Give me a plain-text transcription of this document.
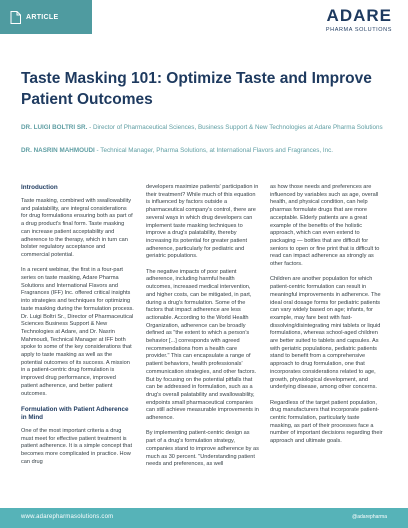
ARTICLE	ADARE
PHARMA SOLUTIONS
Taste Masking 101: Optimize Taste and Improve Patient Outcomes
DR. LUIGI BOLTRI SR. - Director of Pharmaceutical Sciences, Business Support & New Technologies at Adare Pharma Solutions
DR. NASRIN MAHMOUDI - Technical Manager, Pharma Solutions, at International Flavors and Fragrances, Inc.
Introduction

Taste masking, combined with swallowability and palatability, are integral considerations for drug formulations ensuring both as part of a drug product's final form. Taste masking can increase patient acceptability and adherence to the therapy, which in turn can bolster regulatory acceptance and commercial potential.

In a recent webinar, the first in a four-part series on taste masking, Adare Pharma Solutions and International Flavors and Fragrances (IFF) Inc. offered critical insights into strategies and techniques for optimizing taste masking during the formulation process. Dr. Luigi Boltri Sr., Director of Pharmaceutical Sciences Business Support & New Technologies at Adare, and Dr. Nasrin Mahmoudi, Technical Manager at IFF both spoke to some of the key considerations that apply to taste masking as well as the potential outcomes of its success. A mission in a patient-centric drug formulation is improved drug performance, improved patient adherence, and better patient outcomes.

Formulation with Patient Adherence in Mind

One of the most important criteria a drug must meet for effective patient treatment is patient adherence. It is a simple concept that becomes more complicated in practice. How can drug

developers maximize patients' participation in their treatment? While much of this equation is influenced by factors outside a pharmaceutical company's control, there are several ways in which drug developers can implement taste masking techniques to improve a drug's palatability, thereby increasing its potential for greater patient adherence, particularly for pediatric and geriatric populations.

The negative impacts of poor patient adherence, including harmful health outcomes, increased medical intervention, and higher costs, can be mitigated, in part, during a drug's formulation. Some of the factors that impact adherence are less actionable. According to the World Health Organization, adherence can be broadly defined as "the extent to which a person's behavior [...] corresponds with agreed recommendations from a health care provider." This can encapsulate a range of patient behaviors, health professionals' communication strategies, and other factors. But by focusing on the potential pitfalls that can be addressed in formulation, such as a drug's overall palatability and swallowability, endpoints small pharmaceutical companies can still achieve measurable improvements in adherence.

By implementing patient-centric design as part of a drug's formulation strategy, companies stand to improve adherence by as much as 30 percent. "Understanding patient needs and preferences, as well

as how those needs and preferences are influenced by variables such as age, overall health, and physical condition, can help pharmas formulate drugs that are more acceptable. Elderly patients are a great example of the benefits of the holistic approach, which can even extend to packaging — bottles that are difficult for seniors to open or fine print that is difficult to read can impact adherence as strongly as other factors.

Children are another population for which patient-centric formulation can result in meaningful improvements in adherence. The ideal oral dosage forms for pediatric patients can vary widely based on age; infants, for example, may fare best with fast-dissolving/disintegrating mini tablets or liquid formulations, whereas school-aged children are better suited to tablets and capsules. As with geriatric populations, pediatric patients stand to benefit from a comprehensive approach to drug formulation, one that incorporates considerations related to age, growth, physiological development, and underlying disease, among other concerns.

Regardless of the target patient population, drug manufacturers that incorporate patient-centric formulation, particularly taste masking, as part of their processes face a number of important decisions regarding their approach and ultimate goals.

www.adarepharmasolutions.com	@adarepharma
